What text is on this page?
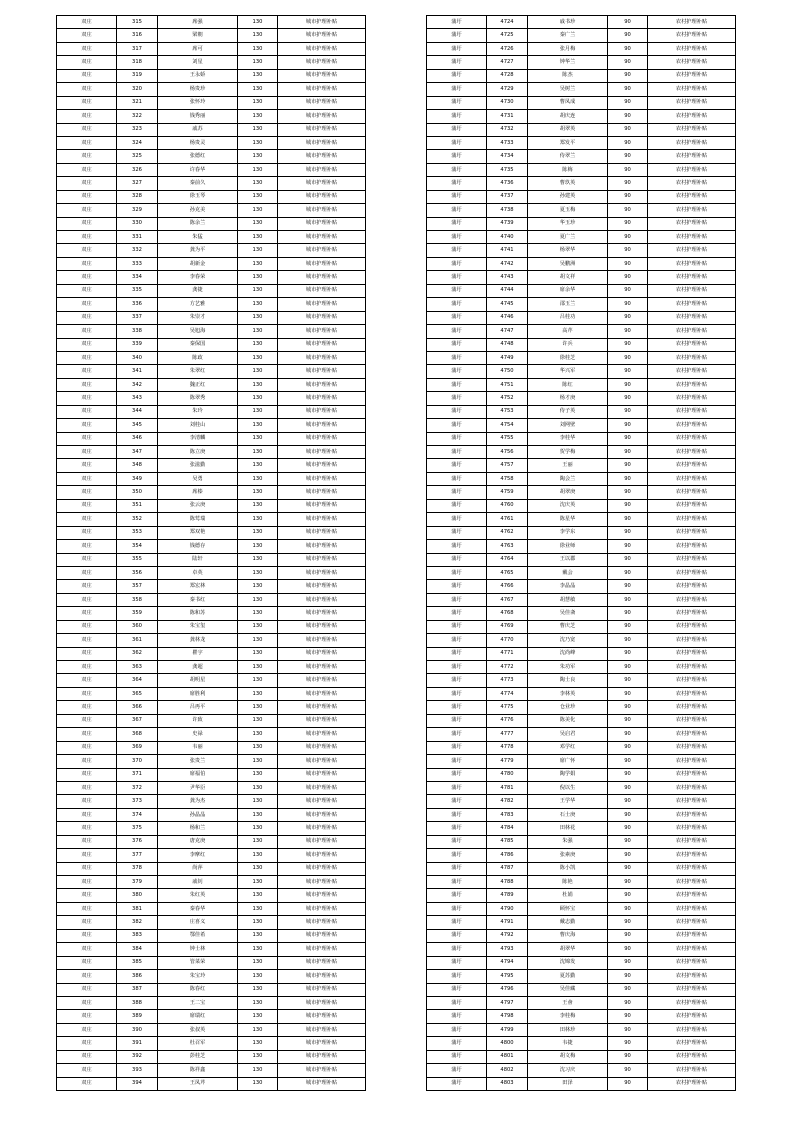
双庄	315	席强	130	城市护理补贴
双庄	316	梁朝	130	城市护理补贴
双庄	317	席可	130	城市护理补贴
双庄	318	刘星	130	城市护理补贴
双庄	319	王永娇	130	城市护理补贴
双庄	320	杨贵珍	130	城市护理补贴
双庄	321	张怀玲	130	城市护理补贴
双庄	322	钱秀丽	130	城市护理补贴
双庄	323	戚苏	130	城市护理补贴
双庄	324	杨贵灵	130	城市护理补贴
双庄	325	张德红	130	城市护理补贴
双庄	326	许春华	130	城市护理补贴
双庄	327	秦前久	130	城市护理补贴
双庄	328	徐玉琴	130	城市护理补贴
双庄	329	孙克美	130	城市护理补贴
双庄	330	陈余兰	130	城市护理补贴
双庄	331	朱猛	130	城市护理补贴
双庄	332	龚为平	130	城市护理补贴
双庄	333	胡新金	130	城市护理补贴
双庄	334	李春荣	130	城市护理补贴
双庄	335	龚捷	130	城市护理补贴
双庄	336	方艺雅	130	城市护理补贴
双庄	337	朱崇才	130	城市护理补贴
双庄	338	吴旭海	130	城市护理补贴
双庄	339	秦保国	130	城市护理补贴
双庄	340	陈政	130	城市护理补贴
双庄	341	朱翠红	130	城市护理补贴
双庄	342	魏正红	130	城市护理补贴
双庄	343	陈翠秀	130	城市护理补贴
双庄	344	朱玲	130	城市护理补贴
双庄	345	刘桂山	130	城市护理补贴
双庄	346	李清麟	130	城市护理补贴
双庄	347	陈立庚	130	城市护理补贴
双庄	348	张滋勤	130	城市护理补贴
双庄	349	吴勇	130	城市护理补贴
双庄	350	席榛	130	城市护理补贴
双庄	351	张云庚	130	城市护理补贴
双庄	352	陈莺瑞	130	城市护理补贴
双庄	353	郑双艳	130	城市护理补贴
双庄	354	钱德存	130	城市护理补贴
双庄	355	陆轩	130	城市护理补贴
双庄	356	卓英	130	城市护理补贴
双庄	357	郑宏林	130	城市护理补贴
双庄	358	秦书红	130	城市护理补贴
双庄	359	陈和苏	130	城市护理补贴
双庄	360	朱宝玺	130	城市护理补贴
双庄	361	龚林龙	130	城市护理补贴
双庄	362	瞿宇	130	城市护理补贴
双庄	363	龚超	130	城市护理补贴
双庄	364	胡明星	130	城市护理补贴
双庄	365	席胜利	130	城市护理补贴
双庄	366	吕再平	130	城市护理补贴
双庄	367	许致	130	城市护理补贴
双庄	368	史禄	130	城市护理补贴
双庄	369	韦丽	130	城市护理补贴
双庄	370	张贵兰	130	城市护理补贴
双庄	371	席福伯	130	城市护理补贴
双庄	372	尹华臣	130	城市护理补贴
双庄	373	龚为杰	130	城市护理补贴
双庄	374	孙晶晶	130	城市护理补贴
双庄	375	杨和兰	130	城市护理补贴
双庄	376	唐克庚	130	城市护理补贴
双庄	377	李摩红	130	城市护理补贴
双庄	378	尚萍	130	城市护理补贴
双庄	379	戚钊	130	城市护理补贴
双庄	380	朱红英	130	城市护理补贴
双庄	381	秦春华	130	城市护理补贴
双庄	382	庄喜义	130	城市护理补贴
双庄	383	鄂佳希	130	城市护理补贴
双庄	384	钟士林	130	城市护理补贴
双庄	385	管菜荣	130	城市护理补贴
双庄	386	朱宝玲	130	城市护理补贴
双庄	387	陈春红	130	城市护理补贴
双庄	388	王二宝	130	城市护理补贴
双庄	389	席瑞红	130	城市护理补贴
双庄	390	张叔英	130	城市护理补贴
双庄	391	杜召军	130	城市护理补贴
双庄	392	彭桂芝	130	城市护理补贴
双庄	393	陈祥鑫	130	城市护理补贴
双庄	394	王凤芹	130	城市护理补贴
蒲圩	4724	戚书珍	90	农村护理补贴
蒲圩	4725	秦广兰	90	农村护理补贴
蒲圩	4726	张月梅	90	农村护理补贴
蒲圩	4727	钟华兰	90	农村护理补贴
蒲圩	4728	陈杰	90	农村护理补贴
蒲圩	4729	吴树兰	90	农村护理补贴
蒲圩	4730	曹凤成	90	农村护理补贴
蒲圩	4731	胡庆连	90	农村护理补贴
蒲圩	4732	胡翠英	90	农村护理补贴
蒲圩	4733	郑发平	90	农村护理补贴
蒲圩	4734	侍翠兰	90	农村护理补贴
蒲圩	4735	陈梅	90	农村护理补贴
蒲圩	4736	曹玖英	90	农村护理补贴
蒲圩	4737	孙建英	90	农村护理补贴
蒲圩	4738	夏玉梅	90	农村护理补贴
蒲圩	4739	华玉珍	90	农村护理补贴
蒲圩	4740	夏广兰	90	农村护理补贴
蒲圩	4741	杨翠华	90	农村护理补贴
蒲圩	4742	吴鹏洲	90	农村护理补贴
蒲圩	4743	胡文祥	90	农村护理补贴
蒲圩	4744	席余华	90	农村护理补贴
蒲圩	4745	邵玉兰	90	农村护理补贴
蒲圩	4746	吕桂功	90	农村护理补贴
蒲圩	4747	高芹	90	农村护理补贴
蒲圩	4748	许兵	90	农村护理补贴
蒲圩	4749	徐桂芝	90	农村护理补贴
蒲圩	4750	华兴军	90	农村护理补贴
蒲圩	4751	陈红	90	农村护理补贴
蒲圩	4752	杨才庚	90	农村护理补贴
蒲圩	4753	侍子英	90	农村护理补贴
蒲圩	4754	刘网壁	90	农村护理补贴
蒲圩	4755	李桂华	90	农村护理补贴
蒲圩	4756	贺学梅	90	农村护理补贴
蒲圩	4757	王丽	90	农村护理补贴
蒲圩	4758	陶会兰	90	农村护理补贴
蒲圩	4759	胡翠庚	90	农村护理补贴
蒲圩	4760	沈庆英	90	农村护理补贴
蒲圩	4761	陈星华	90	农村护理补贴
蒲圩	4762	李学东	90	农村护理补贴
蒲圩	4763	徐业师	90	农村护理补贴
蒲圩	4764	王以郡	90	农村护理补贴
蒲圩	4765	戴会	90	农村护理补贴
蒲圩	4766	李晶晶	90	农村护理补贴
蒲圩	4767	胡慧敏	90	农村护理补贴
蒲圩	4768	吴佳斋	90	农村护理补贴
蒲圩	4769	曹庆芝	90	农村护理补贴
蒲圩	4770	沈乃宽	90	农村护理补贴
蒲圩	4771	沈尚峰	90	农村护理补贴
蒲圩	4772	朱功军	90	农村护理补贴
蒲圩	4773	陶士良	90	农村护理补贴
蒲圩	4774	李林英	90	农村护理补贴
蒲圩	4775	仓业珍	90	农村护理补贴
蒲圩	4776	陈美化	90	农村护理补贴
蒲圩	4777	吴启君	90	农村护理补贴
蒲圩	4778	邓学红	90	农村护理补贴
蒲圩	4779	席广怀	90	农村护理补贴
蒲圩	4780	陶学娟	90	农村护理补贴
蒲圩	4781	倪以生	90	农村护理补贴
蒲圩	4782	王学华	90	农村护理补贴
蒲圩	4783	石士庚	90	农村护理补贴
蒲圩	4784	田林花	90	农村护理补贴
蒲圩	4785	朱强	90	农村护理补贴
蒲圩	4786	张素庚	90	农村护理补贴
蒲圩	4787	陈小凯	90	农村护理补贴
蒲圩	4788	陈艳	90	农村护理补贴
蒲圩	4789	杜娟	90	农村护理补贴
蒲圩	4790	顾怀宝	90	农村护理补贴
蒲圩	4791	戴志勤	90	农村护理补贴
蒲圩	4792	曹庆海	90	农村护理补贴
蒲圩	4793	胡翠华	90	农村护理补贴
蒲圩	4794	沈锦发	90	农村护理补贴
蒲圩	4795	夏苏勤	90	农村护理补贴
蒲圩	4796	吴佳藏	90	农村护理补贴
蒲圩	4797	王會	90	农村护理补贴
蒲圩	4798	李桂梅	90	农村护理补贴
蒲圩	4799	田林珍	90	农村护理补贴
蒲圩	4800	韦捷	90	农村护理补贴
蒲圩	4801	胡文梅	90	农村护理补贴
蒲圩	4802	沈习庆	90	农村护理补贴
蒲圩	4803	田泽	90	农村护理补贴
